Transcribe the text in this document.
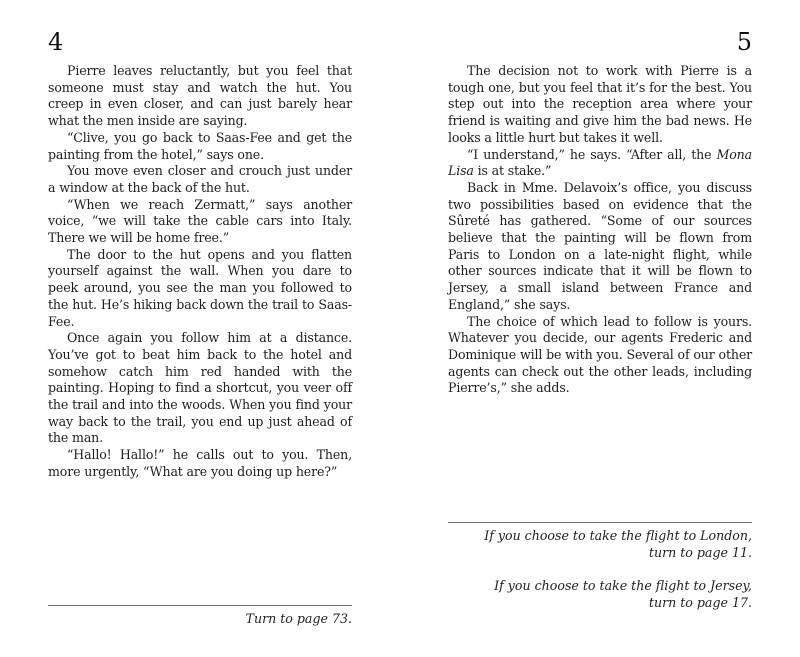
4

Pierre leaves reluctantly, but you feel that someone must stay and watch the hut. You creep in even closer, and can just barely hear what the men inside are saying.

“Clive, you go back to Saas-Fee and get the painting from the hotel,” says one.

You move even closer and crouch just under a window at the back of the hut.

“When we reach Zermatt,” says another voice, “we will take the cable cars into Italy. There we will be home free.”

The door to the hut opens and you flatten yourself against the wall. When you dare to peek around, you see the man you followed to the hut. He’s hiking back down the trail to Saas-Fee.

Once again you follow him at a distance. You’ve got to beat him back to the hotel and somehow catch him red handed with the painting. Hoping to find a shortcut, you veer off the trail and into the woods. When you find your way back to the trail, you end up just ahead of the man.

“Hallo! Hallo!” he calls out to you. Then, more urgently, “What are you doing up here?”

Turn to page 73.
5

The decision not to work with Pierre is a tough one, but you feel that it’s for the best. You step out into the reception area where your friend is waiting and give him the bad news. He looks a little hurt but takes it well.

“I understand,” he says. “After all, the Mona Lisa is at stake.”

Back in Mme. Delavoix’s office, you discuss two possibilities based on evidence that the Sûreté has gathered. “Some of our sources believe that the painting will be flown from Paris to London on a late-night flight, while other sources indicate that it will be flown to Jersey, a small island between France and England,” she says.

The choice of which lead to follow is yours. Whatever you decide, our agents Frederic and Dominique will be with you. Several of our other agents can check out the other leads, including Pierre’s,” she adds.

If you choose to take the flight to London,
turn to page 11.
If you choose to take the flight to Jersey,
turn to page 17.
